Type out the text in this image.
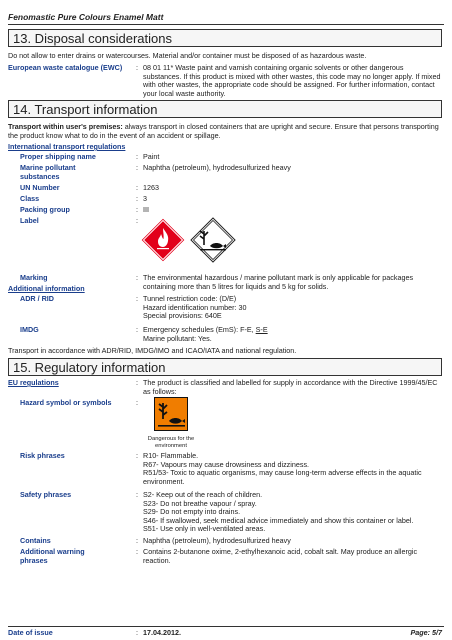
Fenomastic Pure Colours Enamel Matt
13. Disposal considerations
Do not allow to enter drains or watercourses. Material and/or container must be disposed of as hazardous waste.
European waste catalogue (EWC)	: 08 01 11* Waste paint and varnish containing organic solvents or other dangerous substances. If this product is mixed with other wastes, this code may no longer apply. If mixed with other wastes, the appropriate code should be assigned. For further information, contact your local waste authority.
14. Transport information
Transport within user's premises: always transport in closed containers that are upright and secure. Ensure that persons transporting the product know what to do in the event of an accident or spillage.
International transport regulations
Proper shipping name	: Paint
Marine pollutant substances
: Naphtha (petroleum), hydrodesulfurized heavy
UN Number	: 1263
Class	: 3
Packing group	: III
Label	:
Marking	: The environmental hazardous / marine pollutant mark is only applicable for packages containing more than 5 litres for liquids and 5 kg for solids.
Additional information
ADR / RID	: Tunnel restriction code: (D/E)
Hazard identification number: 30
Special provisions: 640E
IMDG	: Emergency schedules (EmS): F-E, S-E
Marine pollutant: Yes.
Transport in accordance with ADR/RID, IMDG/IMO and ICAO/IATA and national regulation.
15. Regulatory information
EU regulations	: The product is classified and labelled for supply in accordance with the Directive 1999/45/EC as follows:
Hazard symbol or symbols	:
Dangerous for the
environment
Risk phrases	: R10- Flammable.
R67- Vapours may cause drowsiness and dizziness.
R51/53- Toxic to aquatic organisms, may cause long-term adverse effects in the aquatic environment.
Safety phrases	: S2- Keep out of the reach of children.
S23- Do not breathe vapour / spray.
S29- Do not empty into drains.
S46- If swallowed, seek medical advice immediately and show this container or label.
S51- Use only in well-ventilated areas.
Contains	: Naphtha (petroleum), hydrodesulfurized heavy
Additional warning phrases
: Contains 2-butanone oxime, 2-ethylhexanoic acid, cobalt salt. May produce an allergic reaction.
Date of issue	: 17.04.2012.	Page: 5/7
